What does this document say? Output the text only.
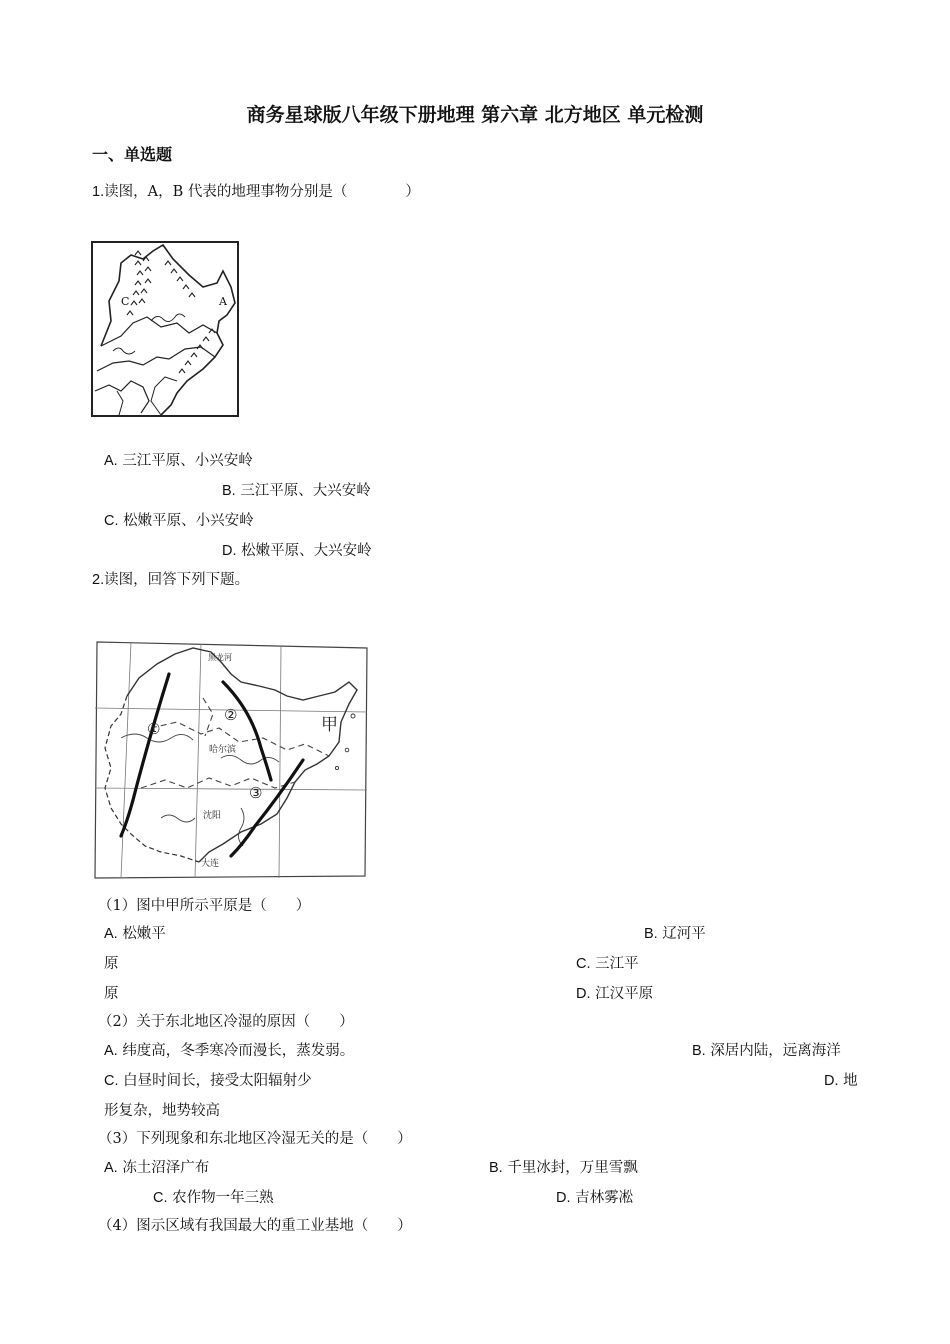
商务星球版八年级下册地理 第六章 北方地区 单元检测
一、单选题
1.读图，A，B 代表的地理事物分别是（　　　　）
C	A
A. 三江平原、小兴安岭
B. 三江平原、大兴安岭
C. 松嫩平原、小兴安岭
D. 松嫩平原、大兴安岭
2.读图，回答下列下题。
黑龙河
①
②
③
甲
哈尔滨
沈阳
大连
（1）图中甲所示平原是（　　）
A. 松嫩平	B. 辽河平
原	C. 三江平
原	D. 江汉平原
（2）关于东北地区冷湿的原因（　　）
A. 纬度高，冬季寒冷而漫长，蒸发弱。	B. 深居内陆，远离海洋
C. 白昼时间长，接受太阳辐射少	D. 地
形复杂，地势较高
（3）下列现象和东北地区冷湿无关的是（　　）
A. 冻土沼泽广布	B. 千里冰封，万里雪飘
C. 农作物一年三熟	D. 吉林雾凇
（4）图示区域有我国最大的重工业基地（　　）
